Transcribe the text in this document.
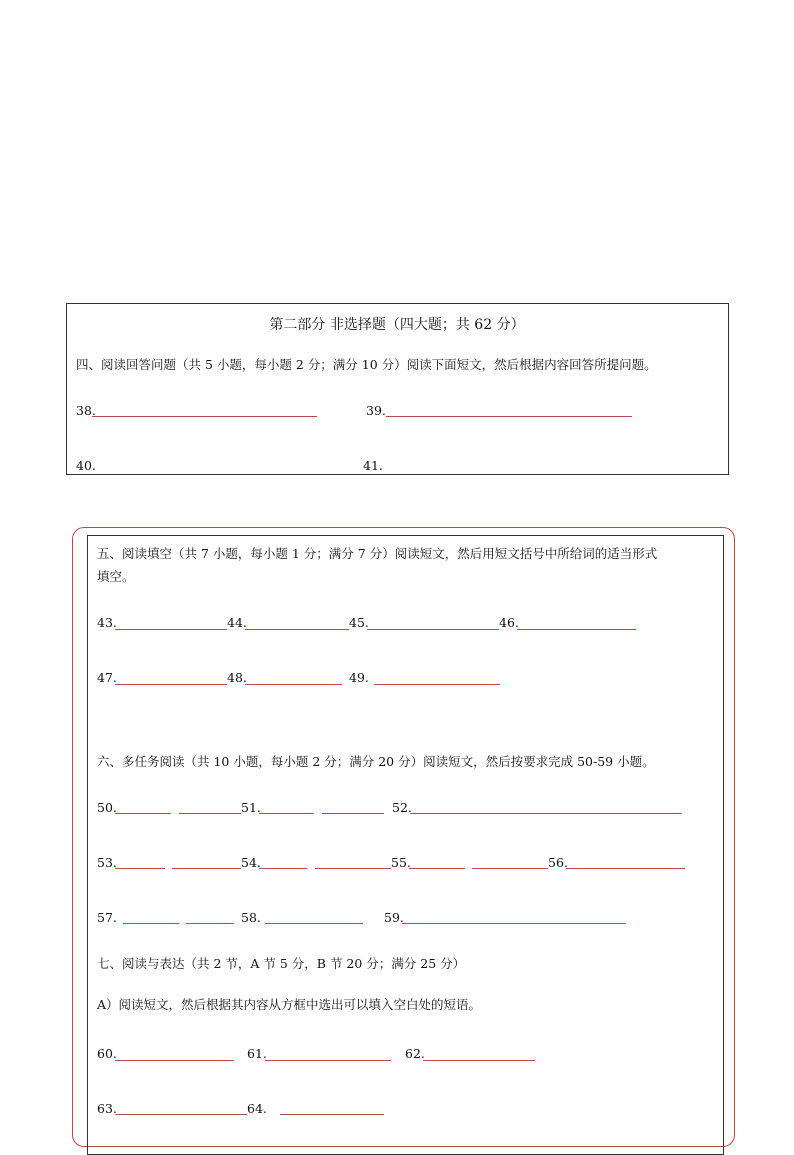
第二部分 非选择题（四大题；共 62 分）
四、阅读回答问题（共 5 小题，每小题 2 分；满分 10 分）阅读下面短文，然后根据内容回答所提问题。
38.	39.
40.	41.
五、阅读填空（共 7 小题，每小题 1 分；满分 7 分）阅读短文，然后用短文括号中所给词的适当形式
填空。
43.	44.	45.	46.
47.	48.	49.
六、多任务阅读（共 10 小题，每小题 2 分；满分 20 分）阅读短文，然后按要求完成 50-59 小题。
50.	51.	52.
53.	54.	55.	56.
57.	58.	59.
七、阅读与表达（共 2 节，A 节 5 分，B 节 20 分；满分 25 分）
A）阅读短文，然后根据其内容从方框中选出可以填入空白处的短语。
60.	61.	62.
63.	64.
